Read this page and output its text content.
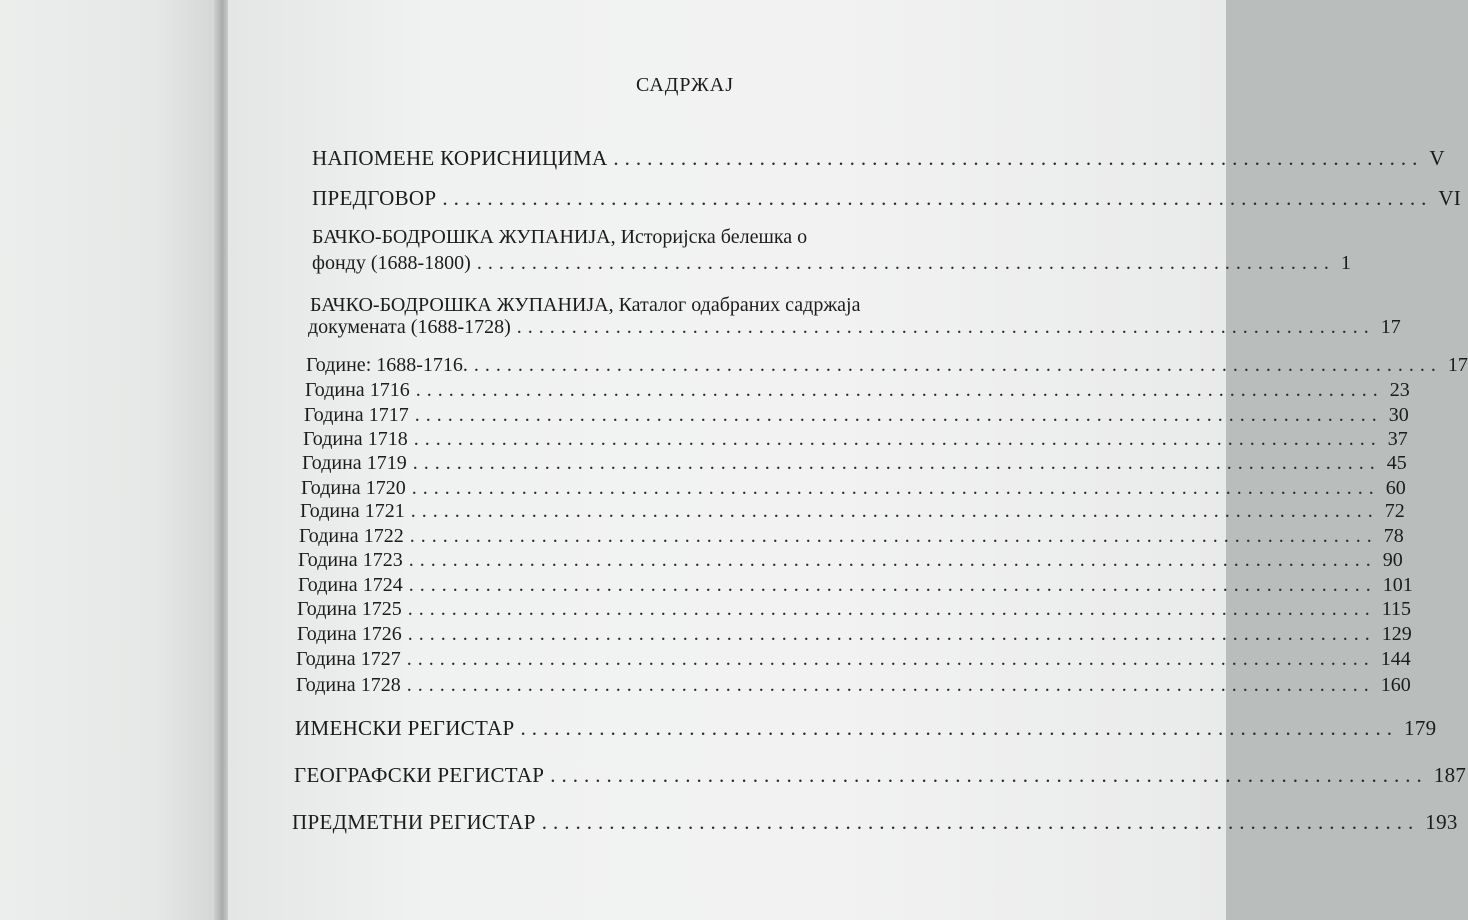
САДРЖАЈ
НАПОМЕНЕ КОРИСНИЦИМА ........................................................................ V
ПРЕДГОВОР ........................................................................................ VI
БАЧКО-БОДРОШКА ЖУПАНИЈА, Историјска белешка о
фонду (1688-1800) .............................................................................. 1
БАЧКО-БОДРОШКА ЖУПАНИЈА, Каталог одабраних садржаја
докумената (1688-1728) .............................................................................. 17
Године: 1688-1716. ........................................................................................ 17
Година 1716 ........................................................................................ 23
Година 1717 ........................................................................................ 30
Година 1718 ........................................................................................ 37
Година 1719 ........................................................................................ 45
Година 1720 ........................................................................................ 60
Година 1721 ........................................................................................ 72
Година 1722 ........................................................................................ 78
Година 1723 ........................................................................................ 90
Година 1724 ........................................................................................ 101
Година 1725 ........................................................................................ 115
Година 1726 ........................................................................................ 129
Година 1727 ........................................................................................ 144
Година 1728 ........................................................................................ 160
ИМЕНСКИ РЕГИСТАР .............................................................................. 179
ГЕОГРАФСКИ РЕГИСТАР .............................................................................. 187
ПРЕДМЕТНИ РЕГИСТАР .............................................................................. 193
